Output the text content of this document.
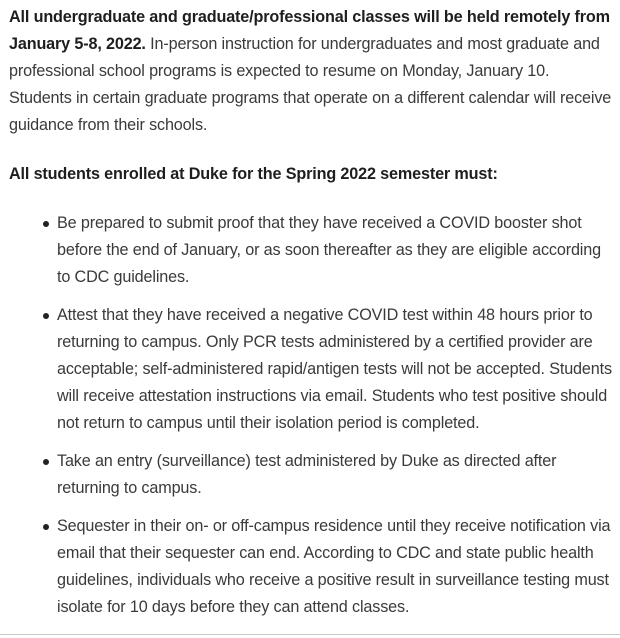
All undergraduate and graduate/professional classes will be held remotely from January 5-8, 2022. In-person instruction for undergraduates and most graduate and professional school programs is expected to resume on Monday, January 10. Students in certain graduate programs that operate on a different calendar will receive guidance from their schools.

All students enrolled at Duke for the Spring 2022 semester must:

Be prepared to submit proof that they have received a COVID booster shot before the end of January, or as soon thereafter as they are eligible according to CDC guidelines.
Attest that they have received a negative COVID test within 48 hours prior to returning to campus. Only PCR tests administered by a certified provider are acceptable; self-administered rapid/antigen tests will not be accepted. Students will receive attestation instructions via email. Students who test positive should not return to campus until their isolation period is completed.
Take an entry (surveillance) test administered by Duke as directed after returning to campus.
Sequester in their on- or off-campus residence until they receive notification via email that their sequester can end. According to CDC and state public health guidelines, individuals who receive a positive result in surveillance testing must isolate for 10 days before they can attend classes.
